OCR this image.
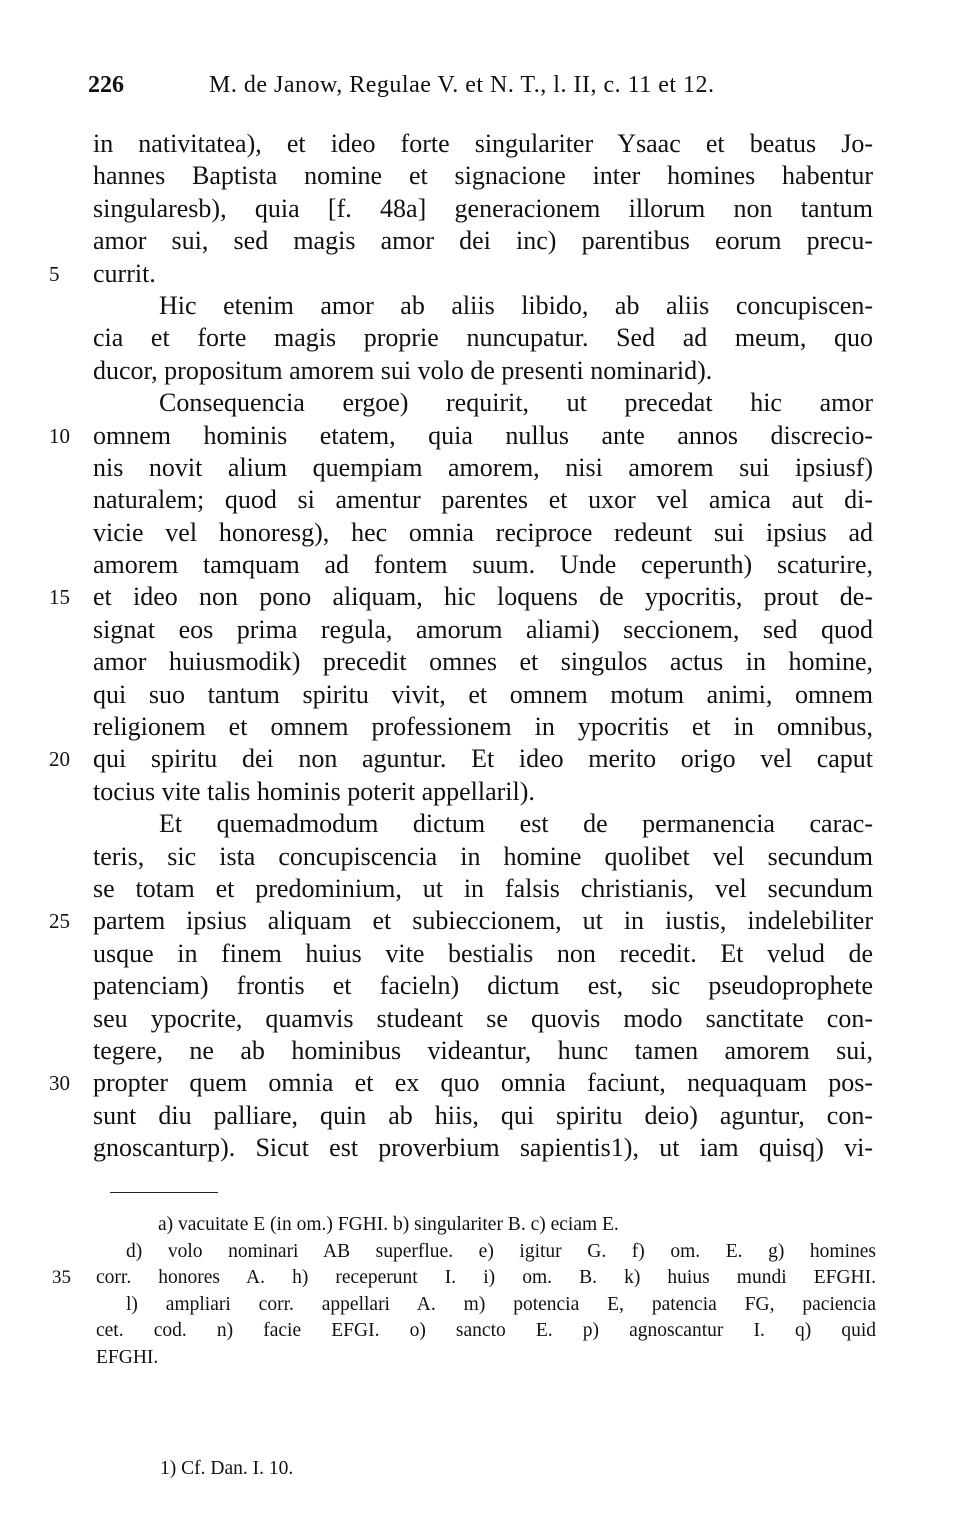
226	M. de Janow, Regulae V. et N. T., l. II, c. 11 et 12.
in nativitatea), et ideo forte singulariter Ysaac et beatus Jo-
hannes Baptista nomine et signacione inter homines habentur
singularesb), quia [f. 48a] generacionem illorum non tantum
amor sui, sed magis amor dei inc) parentibus eorum precu-
5	currit.
Hic etenim amor ab aliis libido, ab aliis concupiscen-
cia et forte magis proprie nuncupatur. Sed ad meum, quo
ducor, propositum amorem sui volo de presenti nominarid).
Consequencia ergoe) requirit, ut precedat hic amor
10 omnem hominis etatem, quia nullus ante annos discrecio-
nis novit alium quempiam amorem, nisi amorem sui ipsiusf)
naturalem; quod si amentur parentes et uxor vel amica aut di-
vicie vel honoresg), hec omnia reciproce redeunt sui ipsius ad
amorem tamquam ad fontem suum. Unde ceperunth) scaturire,
15 et ideo non pono aliquam, hic loquens de ypocritis, prout de-
signat eos prima regula, amorum aliami) seccionem, sed quod
amor huiusmodik) precedit omnes et singulos actus in homine,
qui suo tantum spiritu vivit, et omnem motum animi, omnem
religionem et omnem professionem in ypocritis et in omnibus,
20 qui spiritu dei non aguntur. Et ideo merito origo vel caput
tocius vite talis hominis poterit appellaril).
Et quemadmodum dictum est de permanencia carac-
teris, sic ista concupiscencia in homine quolibet vel secundum
se totam et predominium, ut in falsis christianis, vel secundum
25 partem ipsius aliquam et subieccionem, ut in iustis, indelebiliter
usque in finem huius vite bestialis non recedit. Et velud de
patenciam) frontis et facieln) dictum est, sic pseudoprophete
seu ypocrite, quamvis studeant se quovis modo sanctitate con-
tegere, ne ab hominibus videantur, hunc tamen amorem sui,
30 propter quem omnia et ex quo omnia faciunt, nequaquam pos-
sunt diu palliare, quin ab hiis, qui spiritu deio) aguntur, con-
gnoscanturp). Sicut est proverbium sapientis1), ut iam quisq) vi-
a) vacuitate E (in om.) FGHI. b) singulariter B. c) eciam E.
d) volo nominari AB superflue. e) igitur G. f) om. E. g) homines
35 corr. honores A. h) receperunt I. i) om. B. k) huius mundi EFGHI.
l) ampliari corr. appellari A. m) potencia E, patencia FG, paciencia
cet. cod. n) facie EFGI. o) sancto E. p) agnoscantur I. q) quid
EFGHI.
1) Cf. Dan. I. 10.
